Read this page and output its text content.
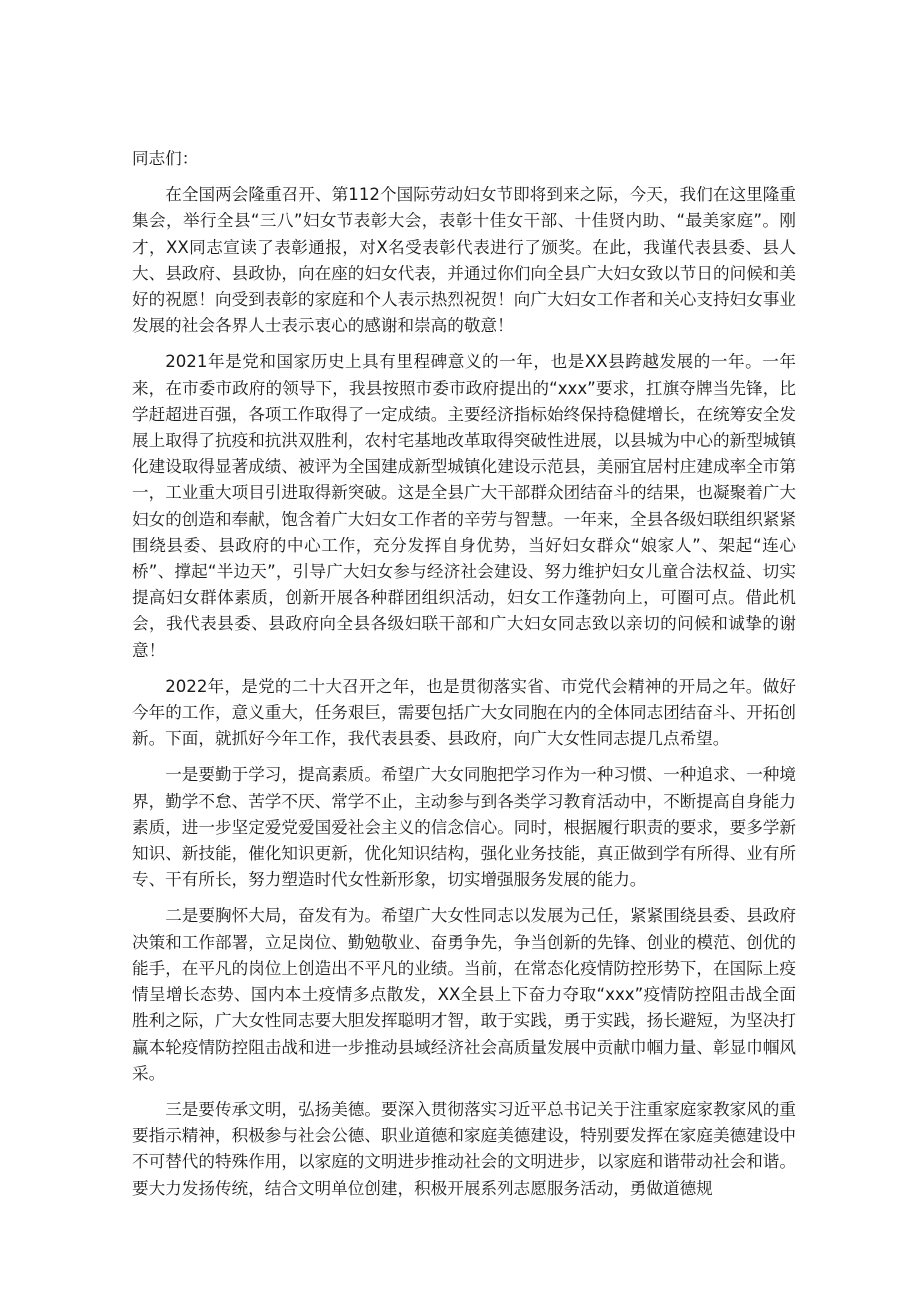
同志们：
在全国两会隆重召开、第112个国际劳动妇女节即将到来之际，今天，我们在这里隆重集会，举行全县“三八”妇女节表彰大会，表彰十佳女干部、十佳贤内助、“最美家庭”。刚才，XX同志宣读了表彰通报，对X名受表彰代表进行了颁奖。在此，我谨代表县委、县人大、县政府、县政协，向在座的妇女代表，并通过你们向全县广大妇女致以节日的问候和美好的祝愿！向受到表彰的家庭和个人表示热烈祝贺！向广大妇女工作者和关心支持妇女事业发展的社会各界人士表示衷心的感谢和崇高的敬意！
2021年是党和国家历史上具有里程碑意义的一年，也是XX县跨越发展的一年。一年来，在市委市政府的领导下，我县按照市委市政府提出的“xxx”要求，扛旗夺牌当先锋，比学赶超进百强，各项工作取得了一定成绩。主要经济指标始终保持稳健增长，在统筹安全发展上取得了抗疫和抗洪双胜利，农村宅基地改革取得突破性进展，以县城为中心的新型城镇化建设取得显著成绩、被评为全国建成新型城镇化建设示范县，美丽宜居村庄建成率全市第一，工业重大项目引进取得新突破。这是全县广大干部群众团结奋斗的结果，也凝聚着广大妇女的创造和奉献，饱含着广大妇女工作者的辛劳与智慧。一年来，全县各级妇联组织紧紧围绕县委、县政府的中心工作，充分发挥自身优势，当好妇女群众“娘家人”、架起“连心桥”、撑起“半边天”，引导广大妇女参与经济社会建设、努力维护妇女儿童合法权益、切实提高妇女群体素质，创新开展各种群团组织活动，妇女工作蓬勃向上，可圈可点。借此机会，我代表县委、县政府向全县各级妇联干部和广大妇女同志致以亲切的问候和诚挚的谢意！
2022年，是党的二十大召开之年，也是贯彻落实省、市党代会精神的开局之年。做好今年的工作，意义重大，任务艰巨，需要包括广大女同胞在内的全体同志团结奋斗、开拓创新。下面，就抓好今年工作，我代表县委、县政府，向广大女性同志提几点希望。
一是要勤于学习，提高素质。希望广大女同胞把学习作为一种习惯、一种追求、一种境界，勤学不怠、苦学不厌、常学不止，主动参与到各类学习教育活动中，不断提高自身能力素质，进一步坚定爱党爱国爱社会主义的信念信心。同时，根据履行职责的要求，要多学新知识、新技能，催化知识更新，优化知识结构，强化业务技能，真正做到学有所得、业有所专、干有所长，努力塑造时代女性新形象，切实增强服务发展的能力。
二是要胸怀大局，奋发有为。希望广大女性同志以发展为己任，紧紧围绕县委、县政府决策和工作部署，立足岗位、勤勉敬业、奋勇争先，争当创新的先锋、创业的模范、创优的能手，在平凡的岗位上创造出不平凡的业绩。当前，在常态化疫情防控形势下，在国际上疫情呈增长态势、国内本土疫情多点散发，XX全县上下奋力夺取“xxx”疫情防控阻击战全面胜利之际，广大女性同志要大胆发挥聪明才智，敢于实践，勇于实践，扬长避短，为坚决打赢本轮疫情防控阻击战和进一步推动县域经济社会高质量发展中贡献巾帼力量、彰显巾帼风采。
三是要传承文明，弘扬美德。要深入贯彻落实习近平总书记关于注重家庭家教家风的重要指示精神，积极参与社会公德、职业道德和家庭美德建设，特别要发挥在家庭美德建设中不可替代的特殊作用，以家庭的文明进步推动社会的文明进步，以家庭和谐带动社会和谐。要大力发扬传统，结合文明单位创建，积极开展系列志愿服务活动，勇做道德规
